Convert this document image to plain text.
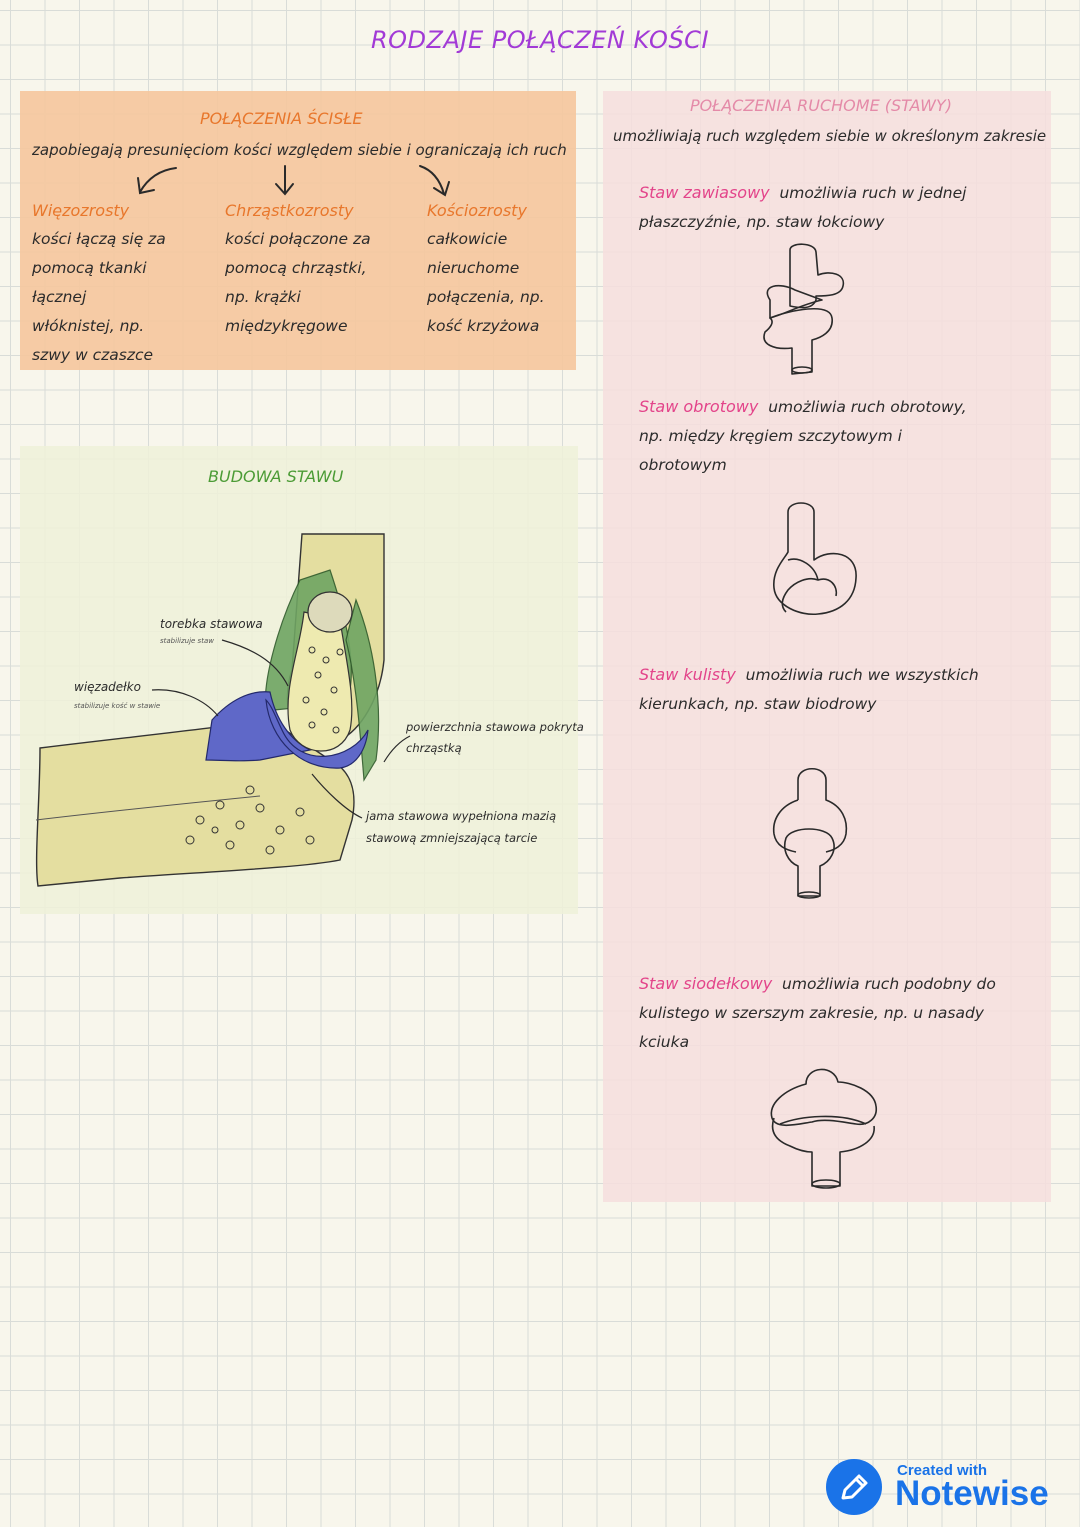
RODZAJE POŁĄCZEŃ KOŚCI
POŁĄCZENIA ŚCISŁE
zapobiegają presunięciom kości względem siebie i ograniczają ich ruch
Więzozrosty
kości łączą się za
pomocą tkanki
łącznej
włóknistej, np.
szwy w czaszce
Chrząstkozrosty
kości połączone za
pomocą chrząstki,
np. krążki
międzykręgowe
Kościozrosty
całkowicie
nieruchome
połączenia, np.
kość krzyżowa
POŁĄCZENIA RUCHOME (STAWY)
umożliwiają ruch względem siebie w określonym zakresie
Staw zawiasowy umożliwia ruch w jednej
płaszczyźnie, np. staw łokciowy
Staw obrotowy umożliwia ruch obrotowy,
np. między kręgiem szczytowym i
obrotowym
Staw kulisty umożliwia ruch we wszystkich
kierunkach, np. staw biodrowy
Staw siodełkowy umożliwia ruch podobny do
kulistego w szerszym zakresie, np. u nasady
kciuka
BUDOWA STAWU
torebka stawowa
stabilizuje staw
więzadełko
stabilizuje kość w stawie
powierzchnia stawowa pokryta
chrząstką
jama stawowa wypełniona mazią
stawową zmniejszającą tarcie
Created with
Notewise
